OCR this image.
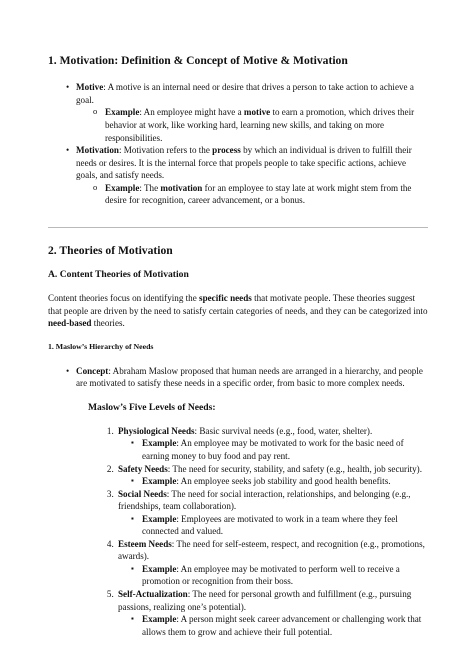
1. Motivation: Definition & Concept of Motive & Motivation
• Motive: A motive is an internal need or desire that drives a person to take action to achieve a goal.
o Example: An employee might have a motive to earn a promotion, which drives their behavior at work, like working hard, learning new skills, and taking on more responsibilities.
• Motivation: Motivation refers to the process by which an individual is driven to fulfill their needs or desires. It is the internal force that propels people to take specific actions, achieve goals, and satisfy needs.
o Example: The motivation for an employee to stay late at work might stem from the desire for recognition, career advancement, or a bonus.
2. Theories of Motivation
A. Content Theories of Motivation

Content theories focus on identifying the specific needs that motivate people. These theories suggest that people are driven by the need to satisfy certain categories of needs, and they can be categorized into need-based theories.

1. Maslow’s Hierarchy of Needs
• Concept: Abraham Maslow proposed that human needs are arranged in a hierarchy, and people are motivated to satisfy these needs in a specific order, from basic to more complex needs.
Maslow’s Five Levels of Needs:
1. Physiological Needs: Basic survival needs (e.g., food, water, shelter).
▪ Example: An employee may be motivated to work for the basic need of earning money to buy food and pay rent.
2. Safety Needs: The need for security, stability, and safety (e.g., health, job security).
▪ Example: An employee seeks job stability and good health benefits.
3. Social Needs: The need for social interaction, relationships, and belonging (e.g., friendships, team collaboration).
▪ Example: Employees are motivated to work in a team where they feel connected and valued.
4. Esteem Needs: The need for self-esteem, respect, and recognition (e.g., promotions, awards).
▪ Example: An employee may be motivated to perform well to receive a promotion or recognition from their boss.
5. Self-Actualization: The need for personal growth and fulfillment (e.g., pursuing passions, realizing one’s potential).
▪ Example: A person might seek career advancement or challenging work that allows them to grow and achieve their full potential.
